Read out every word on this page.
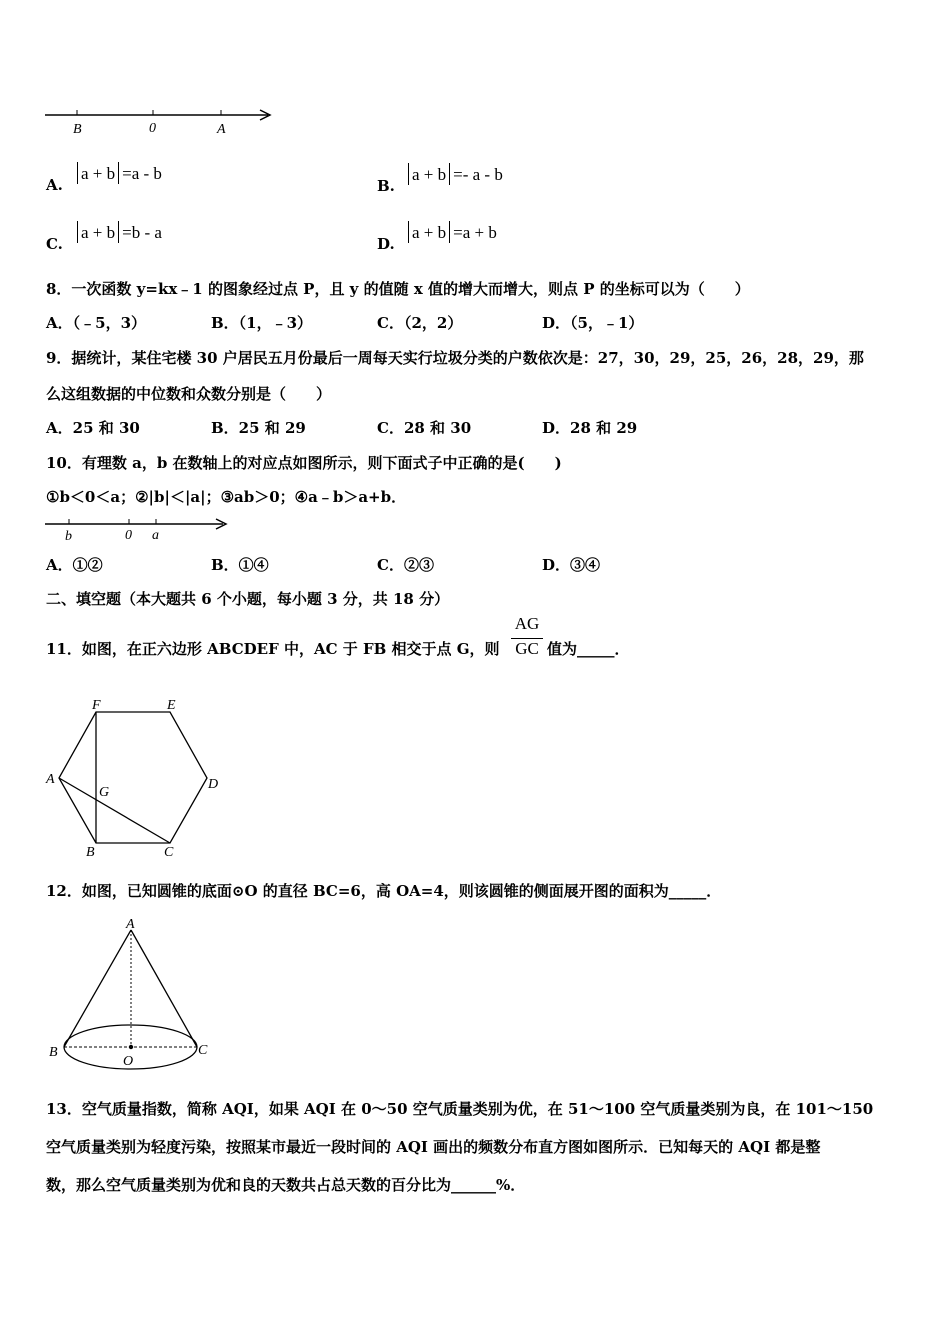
B	0	A
A.
a + b =a - b
B.
a + b =- a - b
C.
a + b =b - a
D.
a + b =a + b
8．一次函数 y=kx﹣1 的图象经过点 P，且 y 的值随 x 值的增大而增大，则点 P 的坐标可以为（　　）
A．（﹣5，3）	B．（1，﹣3）	C．（2，2）	D．（5，﹣1）
9．据统计，某住宅楼 30 户居民五月份最后一周每天实行垃圾分类的户数依次是：27，30，29，25，26，28，29，那
么这组数据的中位数和众数分别是（　　）
A．25 和 30	B．25 和 29	C．28 和 30	D．28 和 29
10．有理数 a，b 在数轴上的对应点如图所示，则下面式子中正确的是(　　)
①b＜0＜a；②|b|＜|a|；③ab＞0；④a﹣b＞a+b．
b	0 a
A．①②	B．①④	C．②③	D．③④
二、填空题（本大题共 6 个小题，每小题 3 分，共 18 分）
11．如图，在正六边形 ABCDEF 中，AC 于 FB 相交于点 G，则
AG
GC 值为_____．
F	E
A	D
G
B	C
12．如图，已知圆锥的底面⊙O 的直径 BC=6，高 OA=4，则该圆锥的侧面展开图的面积为_____．
A
B
O
C
13．空气质量指数，简称 AQI，如果 AQI 在 0～50 空气质量类别为优，在 51～100 空气质量类别为良，在 101～150
空气质量类别为轻度污染，按照某市最近一段时间的 AQI 画出的频数分布直方图如图所示．已知每天的 AQI 都是整
数，那么空气质量类别为优和良的天数共占总天数的百分比为______%．
